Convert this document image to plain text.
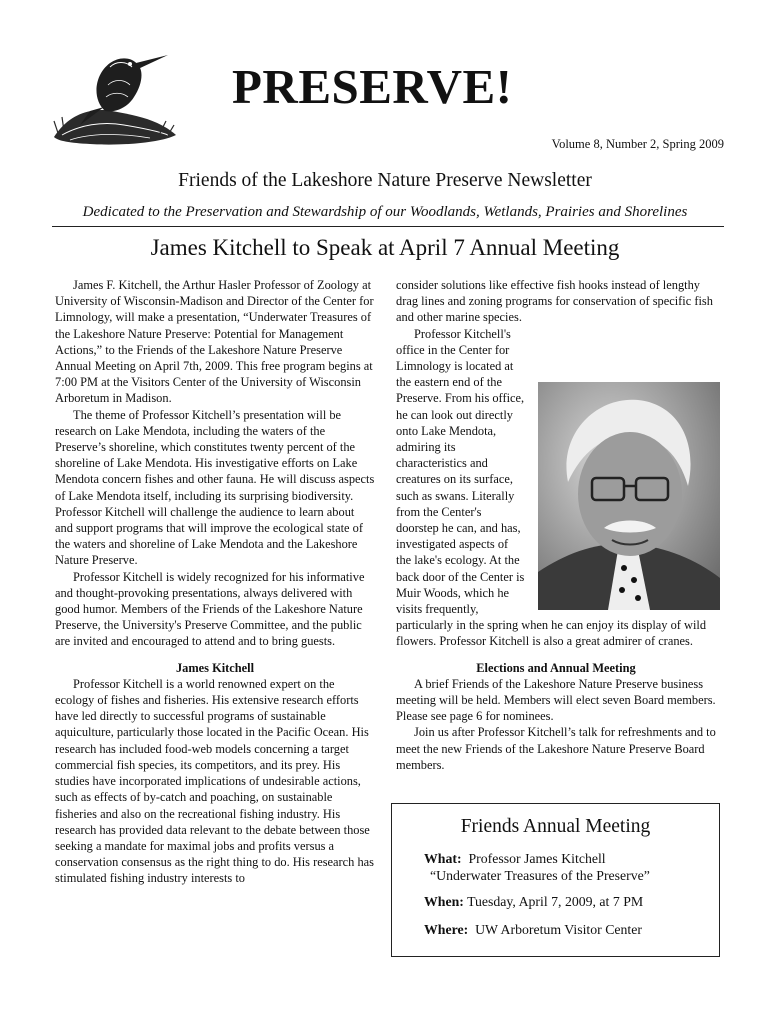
PRESERVE!
Volume 8, Number 2, Spring 2009
Friends of the Lakeshore Nature Preserve Newsletter
Dedicated to the Preservation and Stewardship of our Woodlands, Wetlands, Prairies and Shorelines
James Kitchell to Speak at April 7 Annual Meeting

James F. Kitchell, the Arthur Hasler Professor of Zoology at University of Wisconsin-Madison and Director of the Center for Limnology, will make a presentation, “Underwater Treasures of the Lakeshore Nature Preserve: Potential for Management Actions,” to the Friends of the Lakeshore Nature Preserve Annual Meeting on April 7th, 2009. This free program begins at 7:00 PM at the Visitors Center of the University of Wisconsin Arboretum in Madison.

The theme of Professor Kitchell’s presentation will be research on Lake Mendota, including the waters of the Preserve’s shoreline, which constitutes twenty percent of the shoreline of Lake Mendota. His investigative efforts on Lake Mendota concern fishes and other fauna. He will discuss aspects of Lake Mendota itself, including its surprising biodiversity. Professor Kitchell will challenge the audience to learn about and support programs that will improve the ecological state of the waters and shoreline of Lake Mendota and the Lakeshore Nature Preserve.

Professor Kitchell is widely recognized for his informative and thought-provoking presentations, always delivered with good humor. Members of the Friends of the Lakeshore Nature Preserve, the University's Preserve Committee, and the public are invited and encouraged to attend and to bring guests.

James Kitchell

Professor Kitchell is a world renowned expert on the ecology of fishes and fisheries. His extensive research efforts have led directly to successful programs of sustainable aquiculture, particularly those located in the Pacific Ocean. His research has included food-web models concerning a target commercial fish species, its competitors, and its prey. His studies have incorporated implications of undesirable actions, such as effects of by-catch and poaching, on sustainable fisheries and also on the recreational fishing industry. His research has provided data relevant to the debate between those seeking a mandate for maximal jobs and profits versus a conservation consensus as the right thing to do. His research has stimulated fishing industry interests to

consider solutions like effective fish hooks instead of lengthy drag lines and zoning programs for conservation of specific fish and other marine species.

Professor Kitchell's office in the Center for Limnology is located at the eastern end of the Preserve. From his office, he can look out directly onto Lake Mendota, admiring its characteristics and creatures on its surface, such as swans. Literally from the Center's doorstep he can, and has, investigated aspects of the lake's ecology. At the back door of the Center is Muir Woods, which he visits frequently, particularly in the spring when he can enjoy its display of wild flowers. Professor Kitchell is also a great admirer of cranes.

Elections and Annual Meeting

A brief Friends of the Lakeshore Nature Preserve business meeting will be held. Members will elect seven Board members. Please see page 6 for nominees.

Join us after Professor Kitchell’s talk for refreshments and to meet the new Friends of the Lakeshore Nature Preserve Board members.

Friends Annual Meeting
What: Professor James Kitchell
“Underwater Treasures of the Preserve”
When: Tuesday, April 7, 2009, at 7 PM
Where: UW Arboretum Visitor Center
